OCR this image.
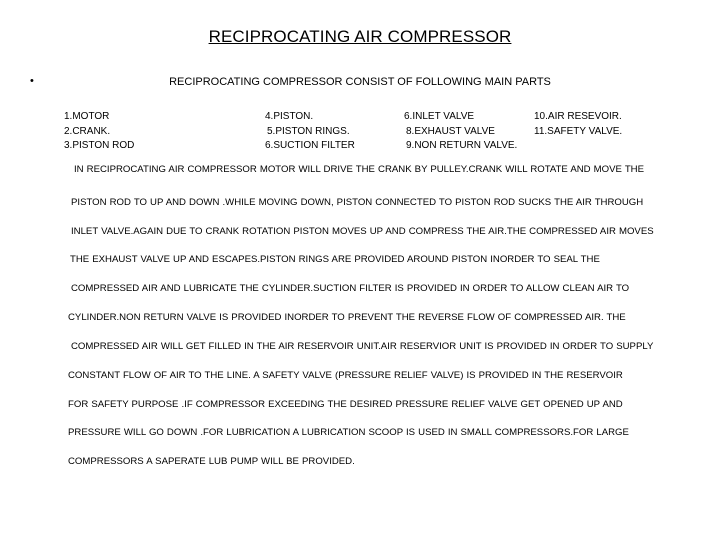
RECIPROCATING AIR COMPRESSOR
•	RECIPROCATING COMPRESSOR CONSIST OF FOLLOWING MAIN PARTS
1.MOTOR
2.CRANK.
3.PISTON ROD
4.PISTON.
5.PISTON RINGS.
6.SUCTION FILTER
6.INLET VALVE
8.EXHAUST VALVE
9.NON RETURN VALVE.
10.AIR RESEVOIR.
11.SAFETY VALVE.
IN RECIPROCATING AIR COMPRESSOR MOTOR WILL DRIVE THE CRANK BY PULLEY.CRANK WILL ROTATE AND MOVE THE
PISTON ROD TO UP AND DOWN .WHILE MOVING DOWN, PISTON CONNECTED TO PISTON ROD SUCKS THE AIR THROUGH
INLET VALVE.AGAIN DUE TO CRANK ROTATION PISTON MOVES UP AND COMPRESS THE AIR.THE COMPRESSED AIR MOVES
THE EXHAUST VALVE UP AND ESCAPES.PISTON RINGS ARE PROVIDED AROUND PISTON INORDER TO SEAL THE
COMPRESSED AIR AND LUBRICATE THE CYLINDER.SUCTION FILTER IS PROVIDED IN ORDER TO ALLOW CLEAN AIR TO
CYLINDER.NON RETURN VALVE IS PROVIDED INORDER TO PREVENT THE REVERSE FLOW OF COMPRESSED AIR. THE
COMPRESSED AIR WILL GET FILLED IN THE AIR RESERVOIR UNIT.AIR RESERVIOR UNIT IS PROVIDED IN ORDER TO SUPPLY
CONSTANT FLOW OF AIR TO THE LINE. A SAFETY VALVE (PRESSURE RELIEF VALVE) IS PROVIDED IN THE RESERVOIR
FOR SAFETY PURPOSE .IF COMPRESSOR EXCEEDING THE DESIRED PRESSURE RELIEF VALVE GET OPENED UP AND
PRESSURE WILL GO DOWN .FOR LUBRICATION A LUBRICATION SCOOP IS USED IN SMALL COMPRESSORS.FOR LARGE
COMPRESSORS A SAPERATE LUB PUMP WILL BE PROVIDED.
